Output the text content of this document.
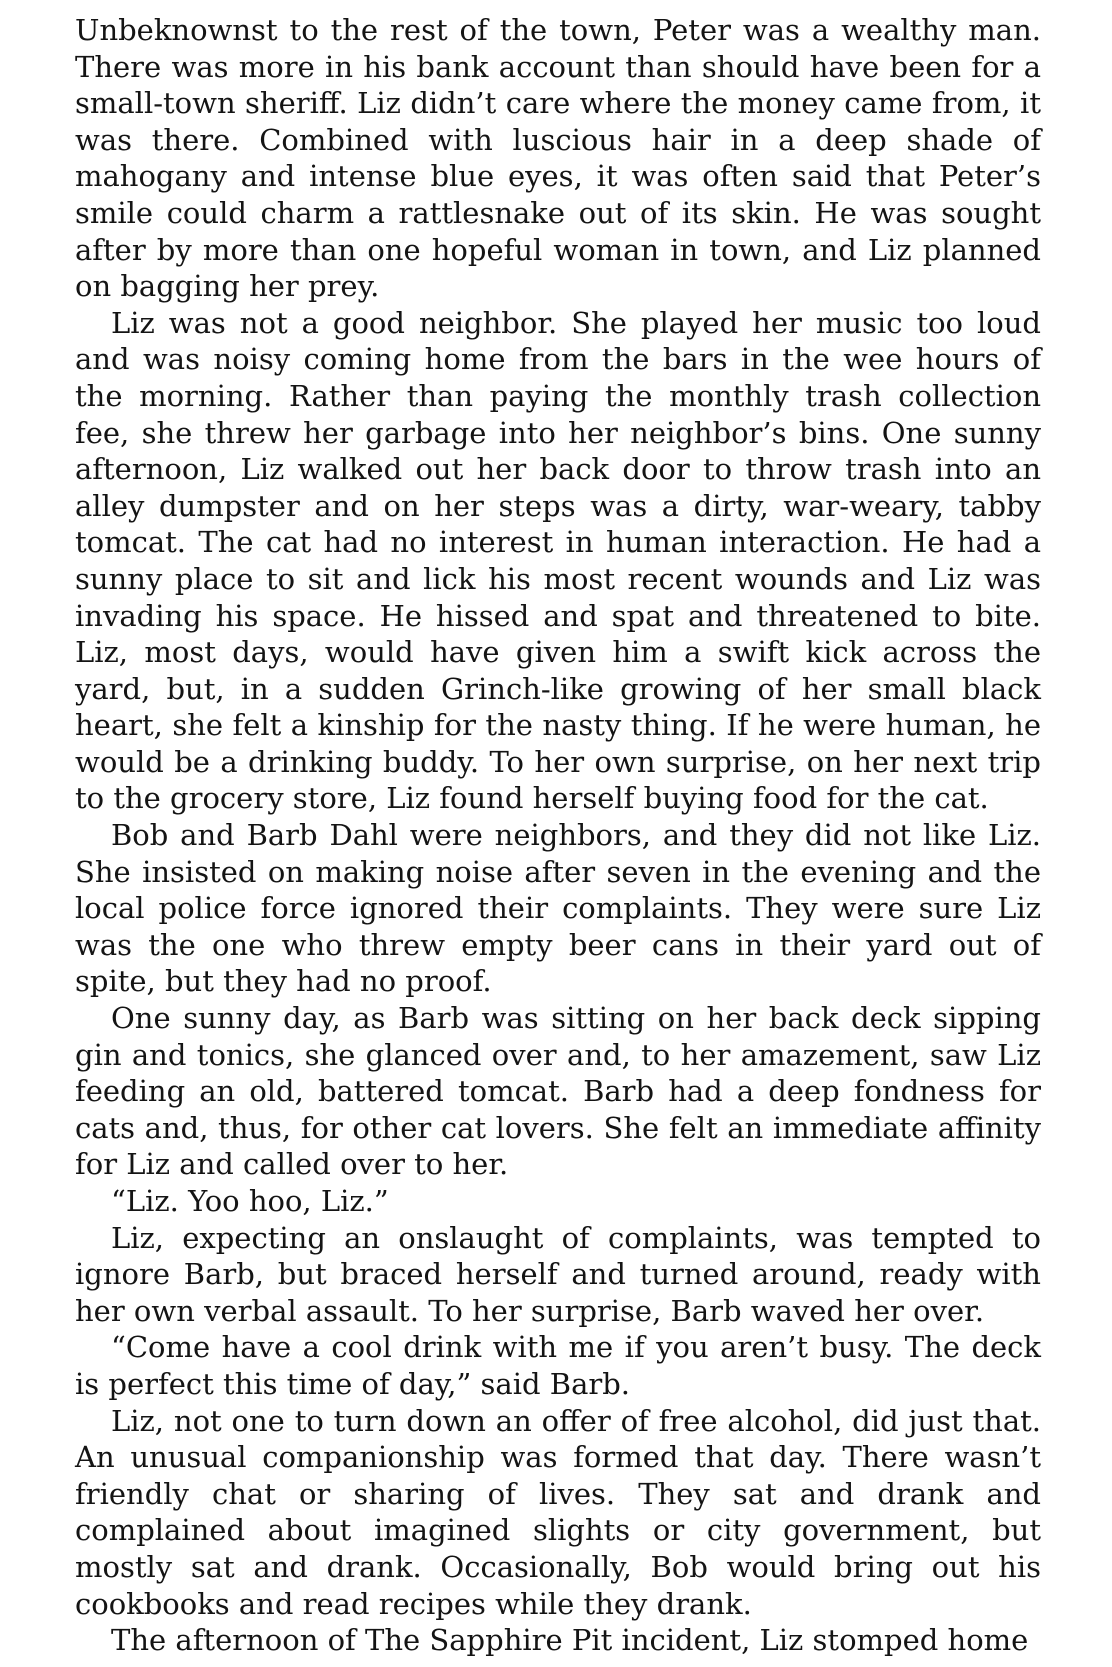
Unbeknownst to the rest of the town, Peter was a wealthy man. There was more in his bank account than should have been for a small-town sheriff. Liz didn’t care where the money came from, it was there. Combined with luscious hair in a deep shade of mahogany and intense blue eyes, it was often said that Peter’s smile could charm a rattlesnake out of its skin. He was sought after by more than one hopeful woman in town, and Liz planned on bagging her prey.

Liz was not a good neighbor. She played her music too loud and was noisy coming home from the bars in the wee hours of the morning. Rather than paying the monthly trash collection fee, she threw her garbage into her neighbor’s bins. One sunny afternoon, Liz walked out her back door to throw trash into an alley dumpster and on her steps was a dirty, war-weary, tabby tomcat. The cat had no interest in human interaction. He had a sunny place to sit and lick his most recent wounds and Liz was invading his space. He hissed and spat and threatened to bite. Liz, most days, would have given him a swift kick across the yard, but, in a sudden Grinch-like growing of her small black heart, she felt a kinship for the nasty thing. If he were human, he would be a drinking buddy. To her own surprise, on her next trip to the grocery store, Liz found herself buying food for the cat.

Bob and Barb Dahl were neighbors, and they did not like Liz. She insisted on making noise after seven in the evening and the local police force ignored their complaints. They were sure Liz was the one who threw empty beer cans in their yard out of spite, but they had no proof.

One sunny day, as Barb was sitting on her back deck sipping gin and tonics, she glanced over and, to her amazement, saw Liz feeding an old, battered tomcat. Barb had a deep fondness for cats and, thus, for other cat lovers. She felt an immediate affinity for Liz and called over to her.

“Liz. Yoo hoo, Liz.”

Liz, expecting an onslaught of complaints, was tempted to ignore Barb, but braced herself and turned around, ready with her own verbal assault. To her surprise, Barb waved her over.

“Come have a cool drink with me if you aren’t busy. The deck is perfect this time of day,” said Barb.

Liz, not one to turn down an offer of free alcohol, did just that. An unusual companionship was formed that day. There wasn’t friendly chat or sharing of lives. They sat and drank and complained about imagined slights or city government, but mostly sat and drank. Occasionally, Bob would bring out his cookbooks and read recipes while they drank.

The afternoon of The Sapphire Pit incident, Liz stomped home
